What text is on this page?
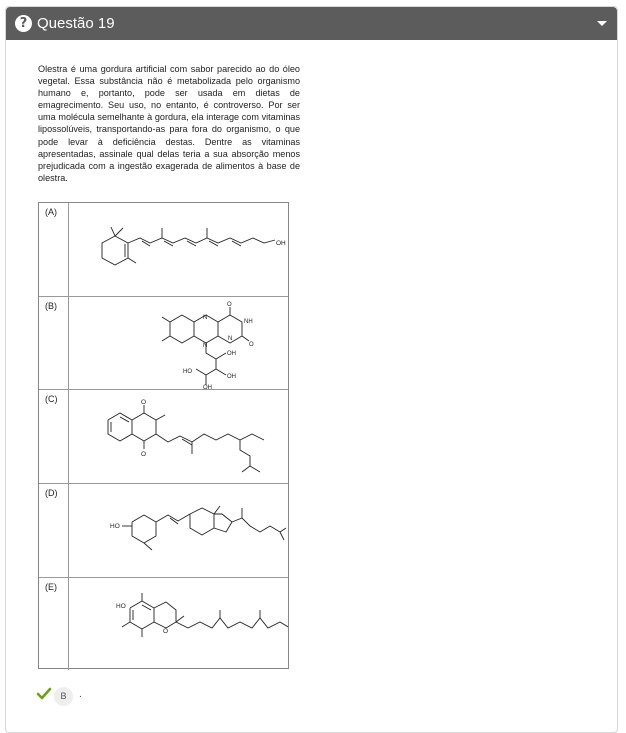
? Questão 19
Olestra é uma gordura artificial com sabor parecido ao do óleo vegetal. Essa substância não é metabolizada pelo organismo humano e, portanto, pode ser usada em dietas de emagrecimento. Seu uso, no entanto, é controverso. Por ser uma molécula semelhante à gordura, ela interage com vitaminas lipossolúveis, transportando-as para fora do organismo, o que pode levar à deficiência destas. Dentre as vitaminas apresentadas, assinale qual delas teria a sua absorção menos prejudicada com a ingestão exagerada de alimentos à base de olestra.
(A)
OH
(B)	O
NH
N
N
O
N
OH
HO
OH
OH
(C)	O
O
(D)
HO
(E)
HO
O
B	.
